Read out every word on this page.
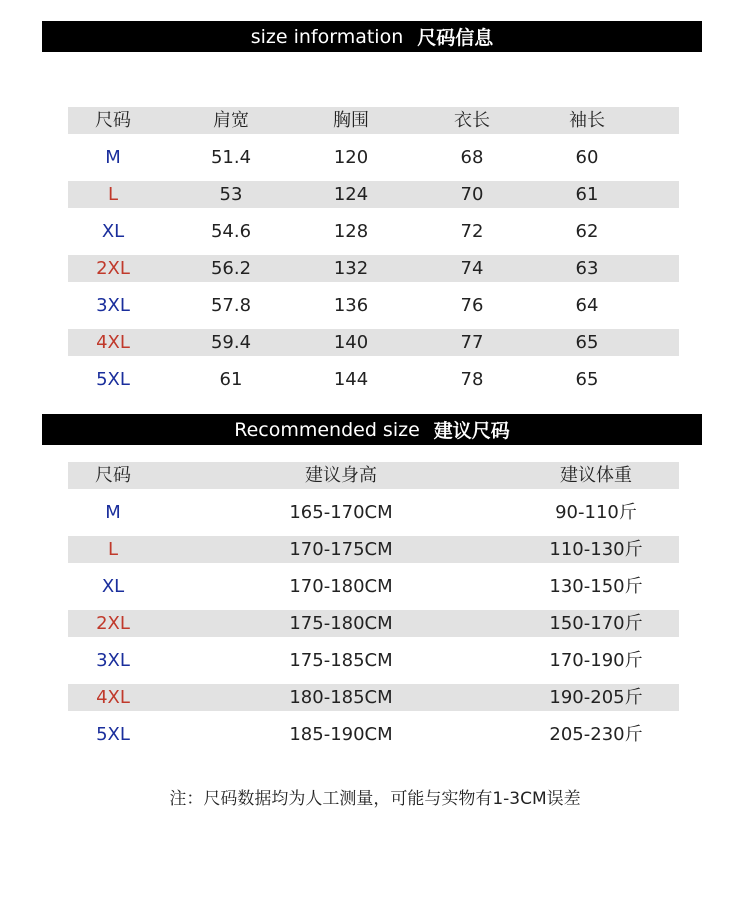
size information 尺码信息
尺码	肩宽	胸围	衣长	袖长
M	51.4	120	68	60
L	53	124	70	61
XL	54.6	128	72	62
2XL	56.2	132	74	63
3XL	57.8	136	76	64
4XL	59.4	140	77	65
5XL	61	144	78	65
Recommended size 建议尺码
尺码	建议身高	建议体重
M	165-170CM	90-110斤
L	170-175CM	110-130斤
XL	170-180CM	130-150斤
2XL	175-180CM	150-170斤
3XL	175-185CM	170-190斤
4XL	180-185CM	190-205斤
5XL	185-190CM	205-230斤
注：尺码数据均为人工测量，可能与实物有1-3CM误差
